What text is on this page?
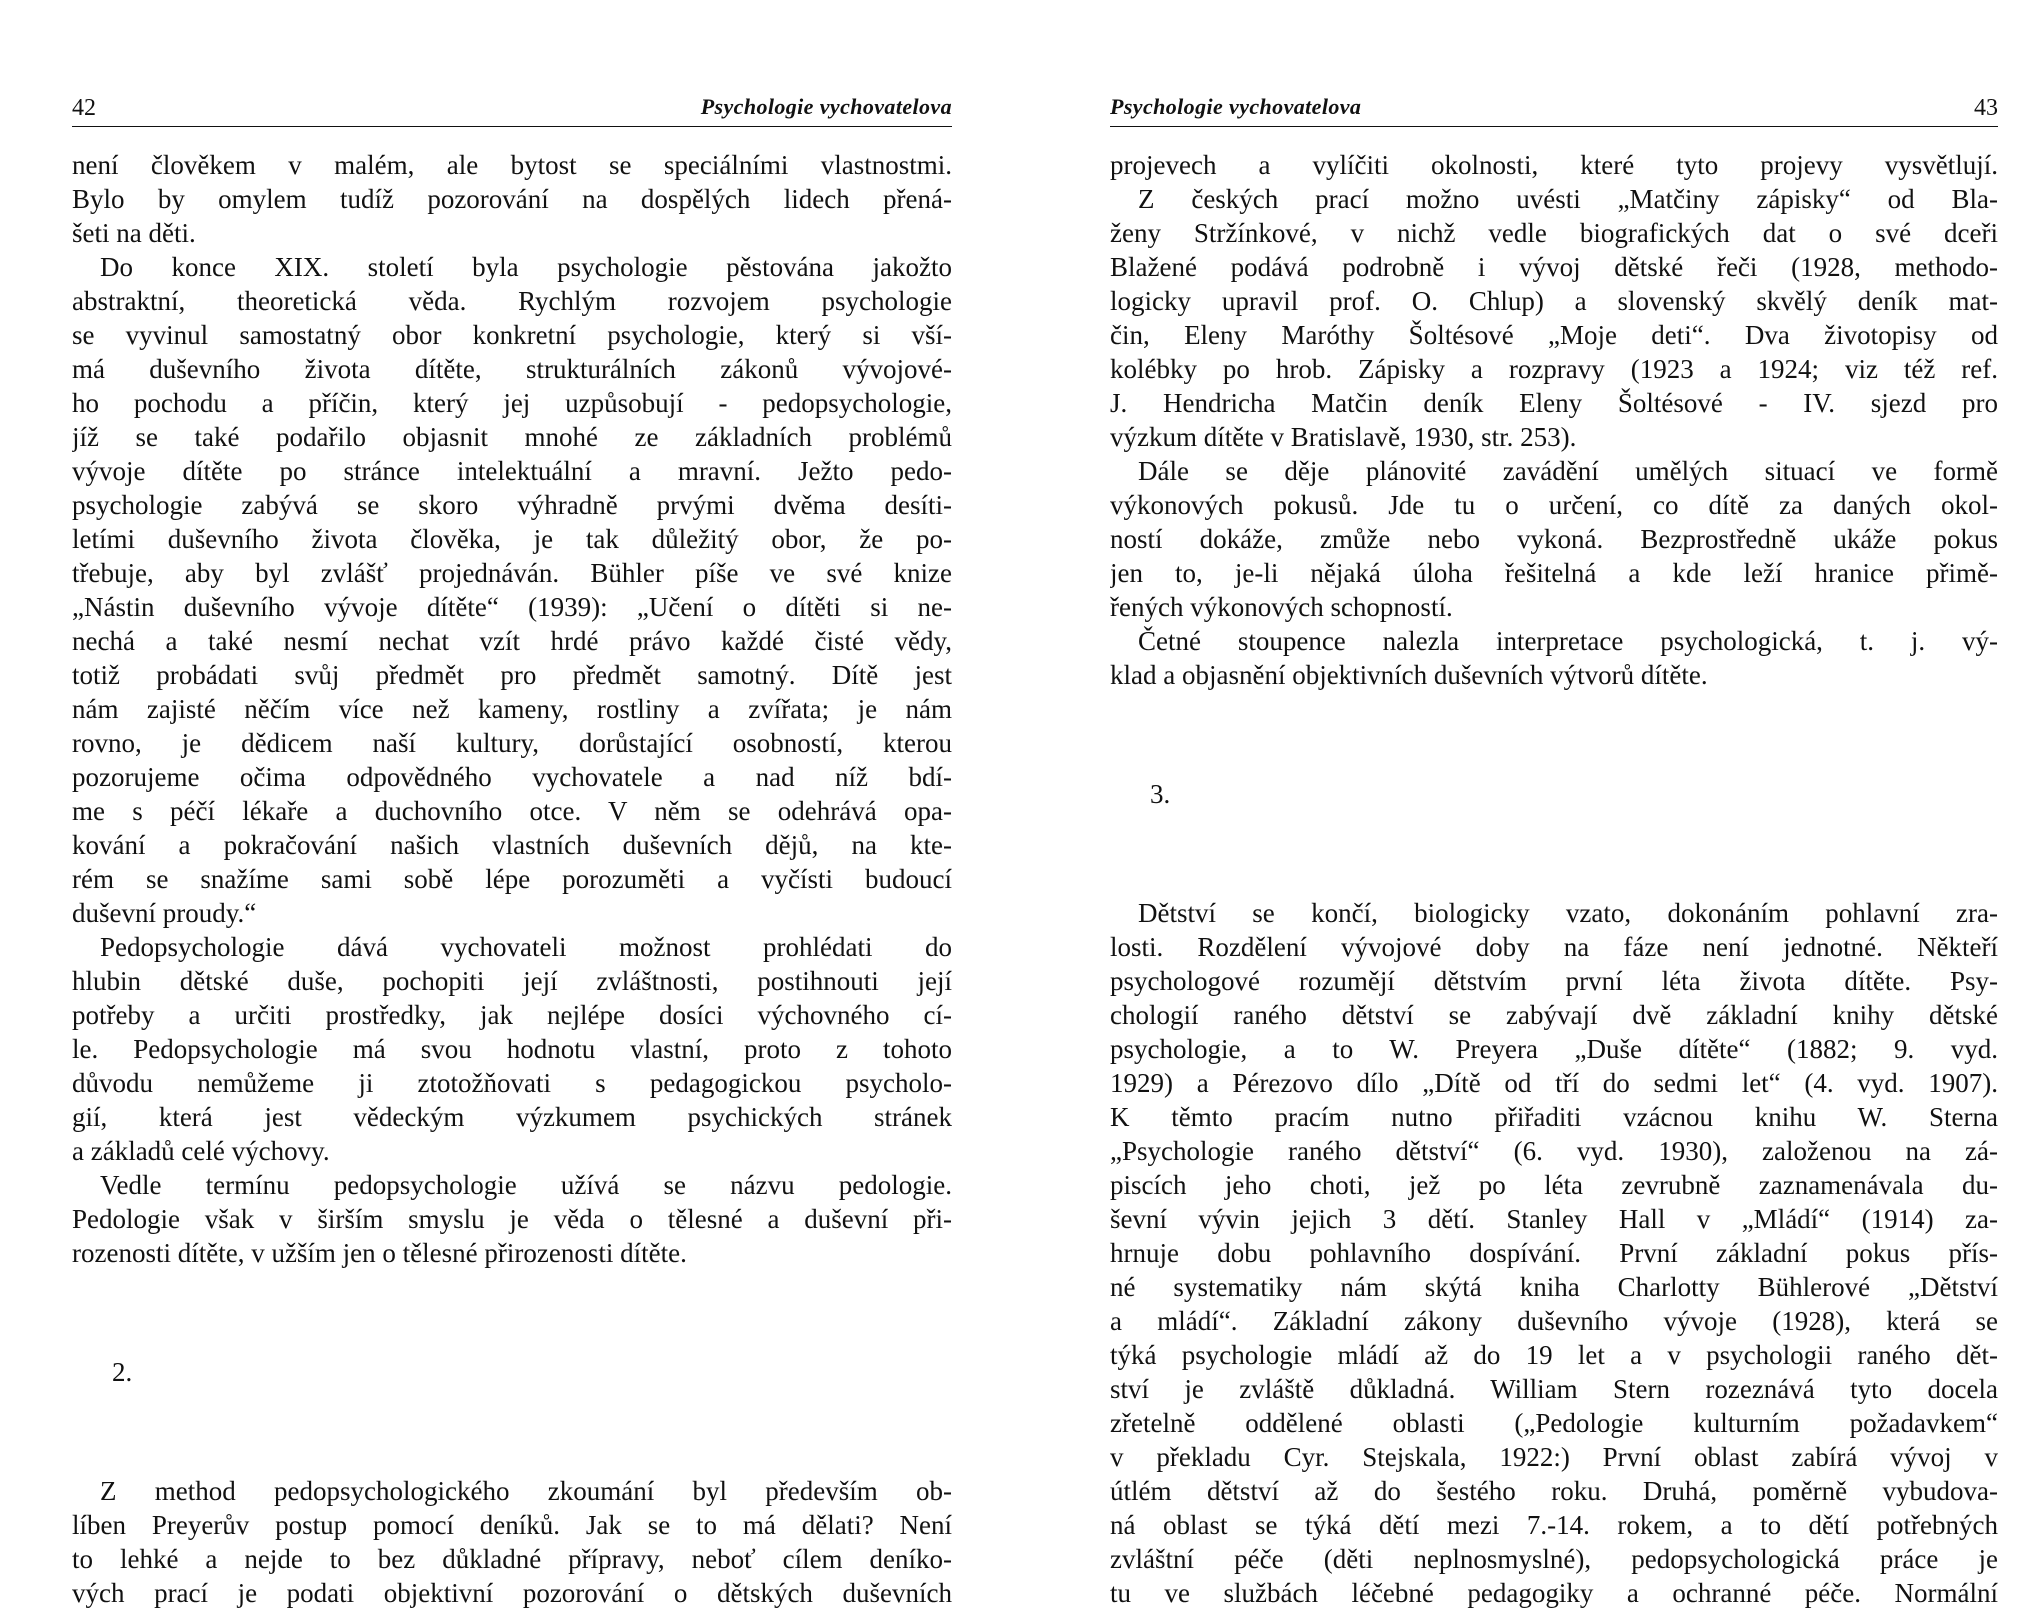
42	Psychologie vychovatelova
není člověkem v malém, ale bytost se speciálními vlastnostmi.
Bylo by omylem tudíž pozorování na dospělých lidech přená-
šeti na děti.
Do konce XIX. století byla psychologie pěstována jakožto
abstraktní, theoretická věda. Rychlým rozvojem psychologie
se vyvinul samostatný obor konkretní psychologie, který si vší-
má duševního života dítěte, strukturálních zákonů vývojové-
ho pochodu a příčin, který jej uzpůsobují - pedopsychologie,
jíž se také podařilo objasnit mnohé ze základních problémů
vývoje dítěte po stránce intelektuální a mravní. Ježto pedo-
psychologie zabývá se skoro výhradně prvými dvěma desíti-
letími duševního života člověka, je tak důležitý obor, že po-
třebuje, aby byl zvlášť projednáván. Bühler píše ve své knize
„Nástin duševního vývoje dítěte“ (1939): „Učení o dítěti si ne-
nechá a také nesmí nechat vzít hrdé právo každé čisté vědy,
totiž probádati svůj předmět pro předmět samotný. Dítě jest
nám zajisté něčím více než kameny, rostliny a zvířata; je nám
rovno, je dědicem naší kultury, dorůstající osobností, kterou
pozorujeme očima odpovědného vychovatele a nad níž bdí-
me s péčí lékaře a duchovního otce. V něm se odehrává opa-
kování a pokračování našich vlastních duševních dějů, na kte-
rém se snažíme sami sobě lépe porozuměti a vyčísti budoucí
duševní proudy.“
Pedopsychologie dává vychovateli možnost prohlédati do
hlubin dětské duše, pochopiti její zvláštnosti, postihnouti její
potřeby a určiti prostředky, jak nejlépe dosíci výchovného cí-
le. Pedopsychologie má svou hodnotu vlastní, proto z tohoto
důvodu nemůžeme ji ztotožňovati s pedagogickou psycholo-
gií, která jest vědeckým výzkumem psychických stránek
a základů celé výchovy.
Vedle termínu pedopsychologie užívá se názvu pedologie.
Pedologie však v širším smyslu je věda o tělesné a duševní při-
rozenosti dítěte, v užším jen o tělesné přirozenosti dítěte.
2.
Z method pedopsychologického zkoumání byl především ob-
líben Preyerův postup pomocí deníků. Jak se to má dělati? Není
to lehké a nejde to bez důkladné přípravy, neboť cílem deníko-
vých prací je podati objektivní pozorování o dětských duševních
Psychologie vychovatelova	43
projevech a vylíčiti okolnosti, které tyto projevy vysvětlují.
Z českých prací možno uvésti „Matčiny zápisky“ od Bla-
ženy Stržínkové, v nichž vedle biografických dat o své dceři
Blažené podává podrobně i vývoj dětské řeči (1928, methodo-
logicky upravil prof. O. Chlup) a slovenský skvělý deník mat-
čin, Eleny Maróthy Šoltésové „Moje deti“. Dva životopisy od
kolébky po hrob. Zápisky a rozpravy (1923 a 1924; viz též ref.
J. Hendricha Matčin deník Eleny Šoltésové - IV. sjezd pro
výzkum dítěte v Bratislavě, 1930, str. 253).
Dále se děje plánovité zavádění umělých situací ve formě
výkonových pokusů. Jde tu o určení, co dítě za daných okol-
ností dokáže, zmůže nebo vykoná. Bezprostředně ukáže pokus
jen to, je-li nějaká úloha řešitelná a kde leží hranice přimě-
řených výkonových schopností.
Četné stoupence nalezla interpretace psychologická, t. j. vý-
klad a objasnění objektivních duševních výtvorů dítěte.
3.
Dětství se končí, biologicky vzato, dokonáním pohlavní zra-
losti. Rozdělení vývojové doby na fáze není jednotné. Někteří
psychologové rozumějí dětstvím první léta života dítěte. Psy-
chologií raného dětství se zabývají dvě základní knihy dětské
psychologie, a to W. Preyera „Duše dítěte“ (1882; 9. vyd.
1929) a Pérezovo dílo „Dítě od tří do sedmi let“ (4. vyd. 1907).
K těmto pracím nutno přiřaditi vzácnou knihu W. Sterna
„Psychologie raného dětství“ (6. vyd. 1930), založenou na zá-
piscích jeho choti, jež po léta zevrubně zaznamenávala du-
ševní vývin jejich 3 dětí. Stanley Hall v „Mládí“ (1914) za-
hrnuje dobu pohlavního dospívání. První základní pokus přís-
né systematiky nám skýtá kniha Charlotty Bühlerové „Dětství
a mládí“. Základní zákony duševního vývoje (1928), která se
týká psychologie mládí až do 19 let a v psychologii raného dět-
ství je zvláště důkladná. William Stern rozeznává tyto docela
zřetelně oddělené oblasti („Pedologie kulturním požadavkem“
v překladu Cyr. Stejskala, 1922:) První oblast zabírá vývoj v
útlém dětství až do šestého roku. Druhá, poměrně vybudova-
ná oblast se týká dětí mezi 7.-14. rokem, a to dětí potřebných
zvláštní péče (děti neplnosmyslné), pedopsychologická práce je
tu ve službách léčebné pedagogiky a ochranné péče. Normální
